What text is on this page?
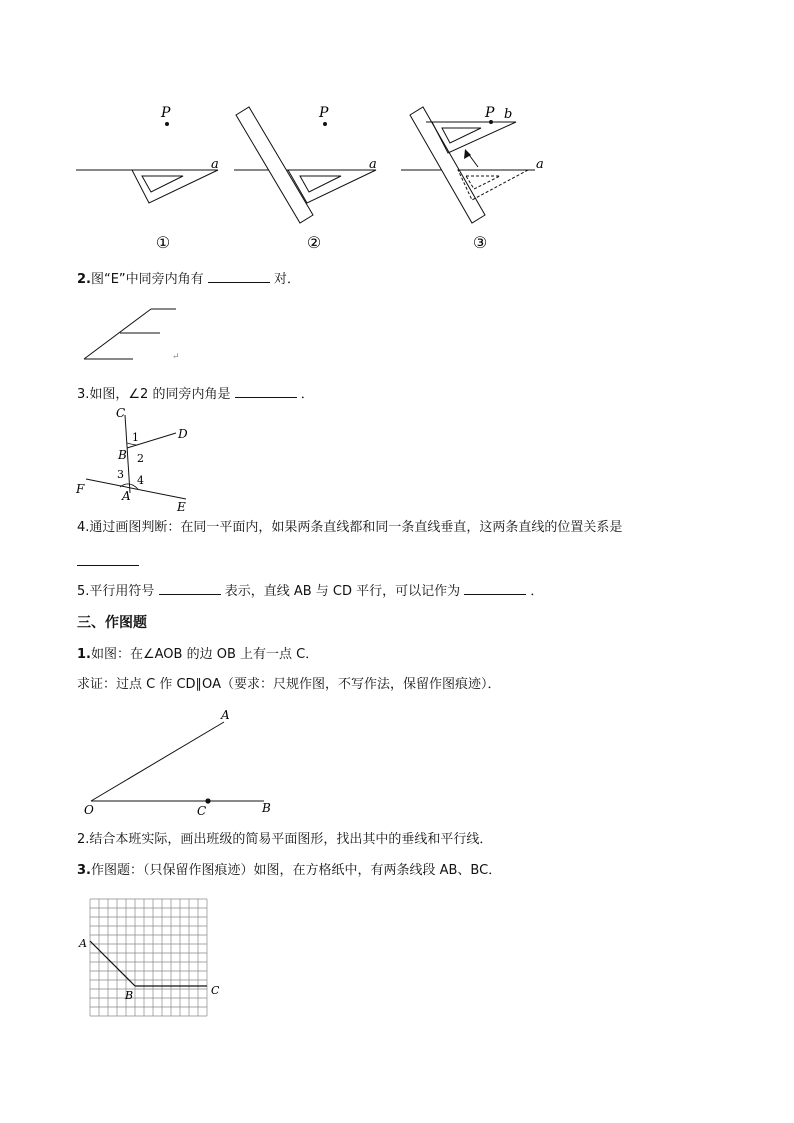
P
a
①
P
a
②
a
b
P
③
2.图“E”中同旁内角有	对．
↵
3.如图，∠2 的同旁内角是	．
C
D
B
F	A
E
1
2
3 4
4.通过画图判断：在同一平面内，如果两条直线都和同一条直线垂直，这两条直线的位置关系是
5.平行用符号	表示，直线 AB 与 CD 平行，可以记作为	．
三、作图题
1.如图：在∠AOB 的边 OB 上有一点 C．
求证：过点 C 作 CD∥OA（要求：尺规作图，不写作法，保留作图痕迹）．
A
O	C	B
2.结合本班实际，画出班级的简易平面图形，找出其中的垂线和平行线．
3.作图题：（只保留作图痕迹）如图，在方格纸中，有两条线段 AB、BC．
A
B	C
